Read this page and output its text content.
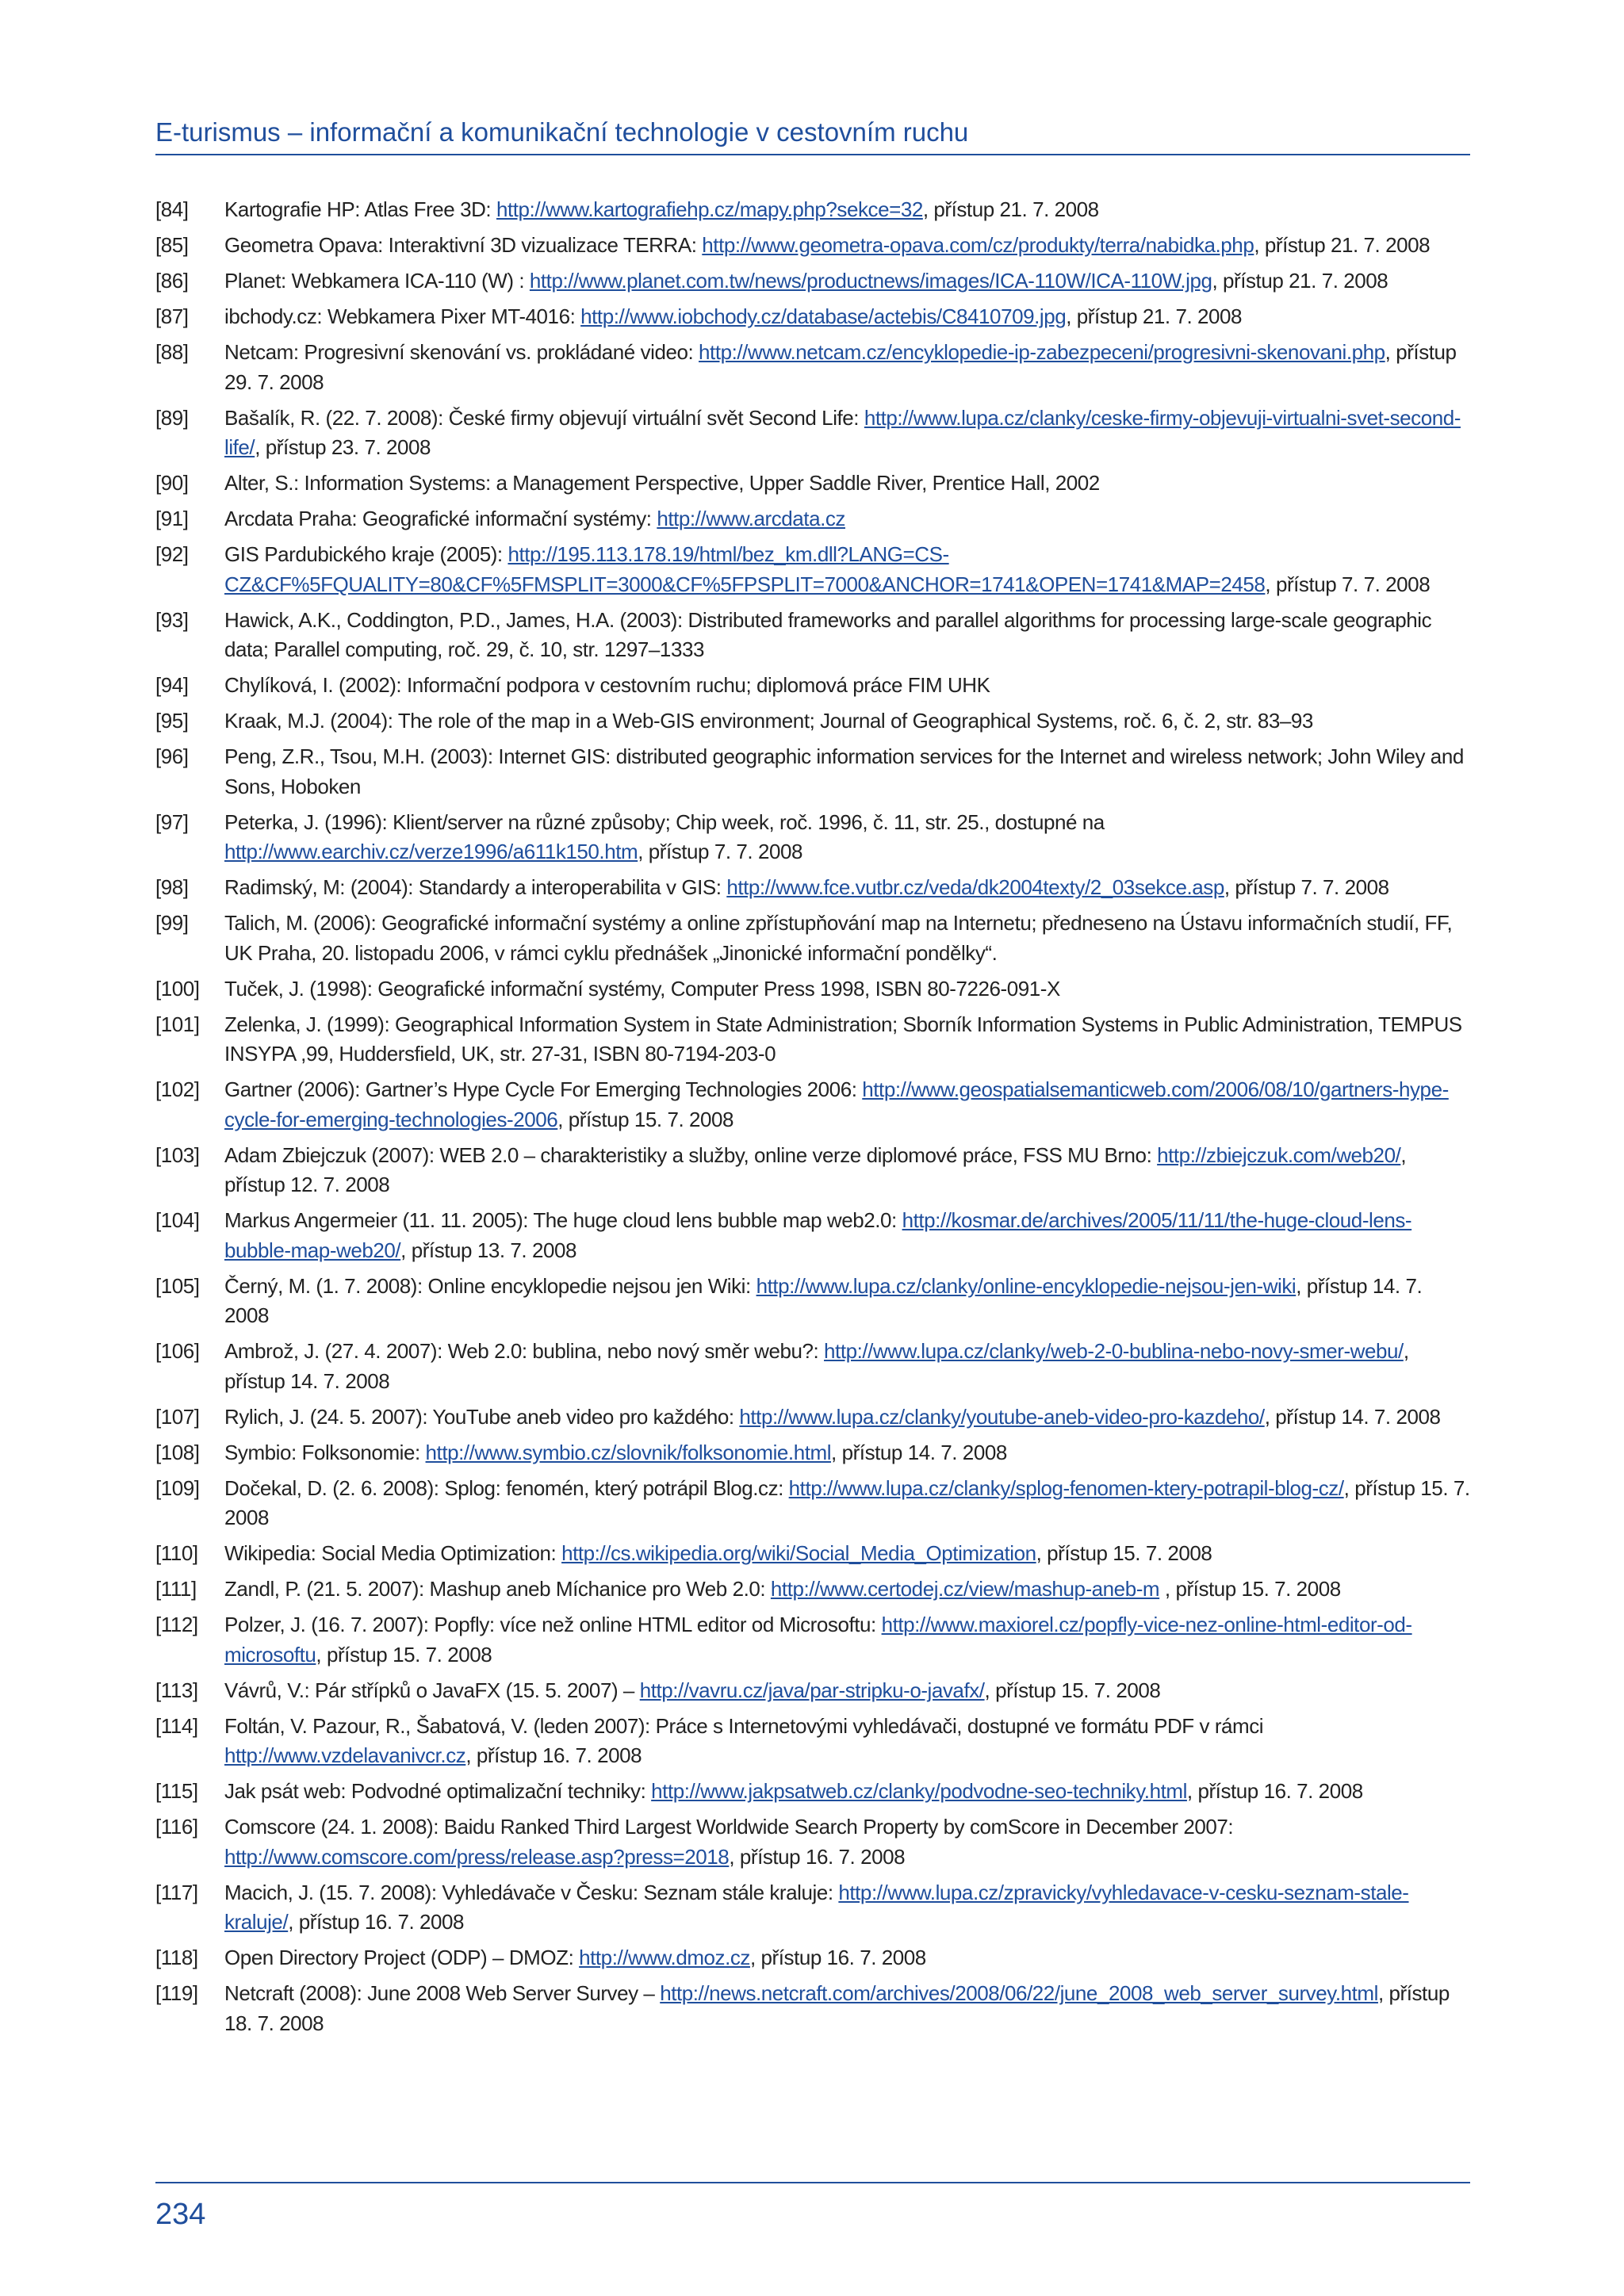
E-turismus – informační a komunikační technologie v cestovním ruchu
[84]	Kartografie HP: Atlas Free 3D: http://www.kartografiehp.cz/mapy.php?sekce=32, přístup 21. 7. 2008
[85]	Geometra Opava: Interaktivní 3D vizualizace TERRA: http://www.geometra-opava.com/cz/produkty/terra/nabidka.php, přístup 21. 7. 2008
[86]	Planet: Webkamera ICA-110 (W) : http://www.planet.com.tw/news/productnews/images/ICA-110W/ICA-110W.jpg, přístup 21. 7. 2008
[87]	ibchody.cz: Webkamera Pixer MT-4016: http://www.iobchody.cz/database/actebis/C8410709.jpg, přístup 21. 7. 2008
[88]	Netcam: Progresivní skenování vs. prokládané video: http://www.netcam.cz/encyklopedie-ip-zabezpeceni/progresivni-skenovani.php, přístup 29. 7. 2008
[89]	Bašalík, R. (22. 7. 2008): České firmy objevují virtuální svět Second Life: http://www.lupa.cz/clanky/ceske-firmy-objevuji-virtualni-svet-second-life/, přístup 23. 7. 2008
[90]	Alter, S.: Information Systems: a Management Perspective, Upper Saddle River, Prentice Hall, 2002
[91]	Arcdata Praha: Geografické informační systémy: http://www.arcdata.cz
[92]	GIS Pardubického kraje (2005): http://195.113.178.19/html/bez_km.dll?LANG=CS-CZ&CF%5FQUALITY=80&CF%5FMSPLIT=3000&CF%5FPSPLIT=7000&ANCHOR=1741&OPEN=1741&MAP=2458, přístup 7. 7. 2008
[93]	Hawick, A.K., Coddington, P.D., James, H.A. (2003): Distributed frameworks and parallel algorithms for processing large-scale geographic data; Parallel computing, roč. 29, č. 10, str. 1297–1333
[94]	Chylíková, I. (2002): Informační podpora v cestovním ruchu; diplomová práce FIM UHK
[95]	Kraak, M.J. (2004): The role of the map in a Web-GIS environment; Journal of Geographical Systems, roč. 6, č. 2, str. 83–93
[96]	Peng, Z.R., Tsou, M.H. (2003): Internet GIS: distributed geographic information services for the Internet and wireless network; John Wiley and Sons, Hoboken
[97]	Peterka, J. (1996): Klient/server na různé způsoby; Chip week, roč. 1996, č. 11, str. 25., dostupné na http://www.earchiv.cz/verze1996/a611k150.htm, přístup 7. 7. 2008
[98]	Radimský, M: (2004): Standardy a interoperabilita v GIS: http://www.fce.vutbr.cz/veda/dk2004texty/2_03sekce.asp, přístup 7. 7. 2008
[99]	Talich, M. (2006): Geografické informační systémy a online zpřístupňování map na Internetu; předneseno na Ústavu informačních studií, FF, UK Praha, 20. listopadu 2006, v rámci cyklu přednášek „Jinonické informační pondělky“.
[100]	Tuček, J. (1998): Geografické informační systémy, Computer Press 1998, ISBN 80-7226-091-X
[101]	Zelenka, J. (1999): Geographical Information System in State Administration; Sborník Information Systems in Public Administration, TEMPUS INSYPA ,99, Huddersfield, UK, str. 27-31, ISBN 80-7194-203-0
[102]	Gartner (2006): Gartner’s Hype Cycle For Emerging Technologies 2006: http://www.geospatialsemanticweb.com/2006/08/10/gartners-hype-cycle-for-emerging-technologies-2006, přístup 15. 7. 2008
[103]	Adam Zbiejczuk (2007): WEB 2.0 – charakteristiky a služby, online verze diplomové práce, FSS MU Brno: http://zbiejczuk.com/web20/, přístup 12. 7. 2008
[104]	Markus Angermeier (11. 11. 2005): The huge cloud lens bubble map web2.0: http://kosmar.de/archives/2005/11/11/the-huge-cloud-lens-bubble-map-web20/, přístup 13. 7. 2008
[105]	Černý, M. (1. 7. 2008): Online encyklopedie nejsou jen Wiki: http://www.lupa.cz/clanky/online-encyklopedie-nejsou-jen-wiki, přístup 14. 7. 2008
[106]	Ambrož, J. (27. 4. 2007): Web 2.0: bublina, nebo nový směr webu?: http://www.lupa.cz/clanky/web-2-0-bublina-nebo-novy-smer-webu/, přístup 14. 7. 2008
[107]	Rylich, J. (24. 5. 2007): YouTube aneb video pro každého: http://www.lupa.cz/clanky/youtube-aneb-video-pro-kazdeho/, přístup 14. 7. 2008
[108]	Symbio: Folksonomie: http://www.symbio.cz/slovnik/folksonomie.html, přístup 14. 7. 2008
[109]	Dočekal, D. (2. 6. 2008): Splog: fenomén, který potrápil Blog.cz: http://www.lupa.cz/clanky/splog-fenomen-ktery-potrapil-blog-cz/, přístup 15. 7. 2008
[110]	Wikipedia: Social Media Optimization: http://cs.wikipedia.org/wiki/Social_Media_Optimization, přístup 15. 7. 2008
[111]	Zandl, P. (21. 5. 2007): Mashup aneb Míchanice pro Web 2.0: http://www.certodej.cz/view/mashup-aneb-m , přístup 15. 7. 2008
[112]	Polzer, J. (16. 7. 2007): Popfly: více než online HTML editor od Microsoftu: http://www.maxiorel.cz/popfly-vice-nez-online-html-editor-od-microsoftu, přístup 15. 7. 2008
[113]	Vávrů, V.: Pár střípků o JavaFX (15. 5. 2007) – http://vavru.cz/java/par-stripku-o-javafx/, přístup 15. 7. 2008
[114]	Foltán, V. Pazour, R., Šabatová, V. (leden 2007): Práce s Internetovými vyhledávači, dostupné ve formátu PDF v rámci http://www.vzdelavanivcr.cz, přístup 16. 7. 2008
[115]	Jak psát web: Podvodné optimalizační techniky: http://www.jakpsatweb.cz/clanky/podvodne-seo-techniky.html, přístup 16. 7. 2008
[116]	Comscore (24. 1. 2008): Baidu Ranked Third Largest Worldwide Search Property by comScore in December 2007: http://www.comscore.com/press/release.asp?press=2018, přístup 16. 7. 2008
[117]	Macich, J. (15. 7. 2008): Vyhledávače v Česku: Seznam stále kraluje: http://www.lupa.cz/zpravicky/vyhledavace-v-cesku-seznam-stale-kraluje/, přístup 16. 7. 2008
[118]	Open Directory Project (ODP) – DMOZ: http://www.dmoz.cz, přístup 16. 7. 2008
[119]	Netcraft (2008): June 2008 Web Server Survey – http://news.netcraft.com/archives/2008/06/22/june_2008_web_server_survey.html, přístup 18. 7. 2008
234
